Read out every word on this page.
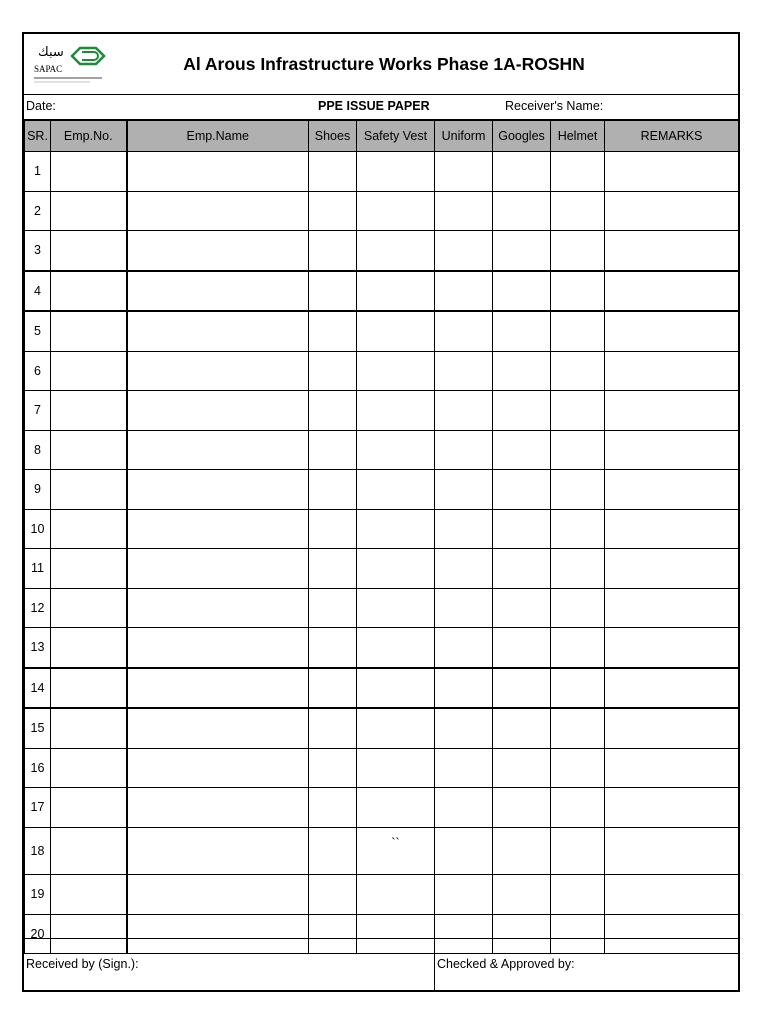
سبك
SAPAC	Al Arous Infrastructure Works Phase 1A-ROSHN
Date:	PPE ISSUE PAPER	Receiver's Name:
SR.	Emp.No.	Emp.Name	Shoes	Safety Vest	Uniform	Googles	Helmet	REMARKS
1								
2								
3								
4								
5								
6								
7								
8								
9								
10								
11								
12								
13								
14								
15								
16								
17								
18				``				
19								
20								
Received by (Sign.):	Checked & Approved by:
